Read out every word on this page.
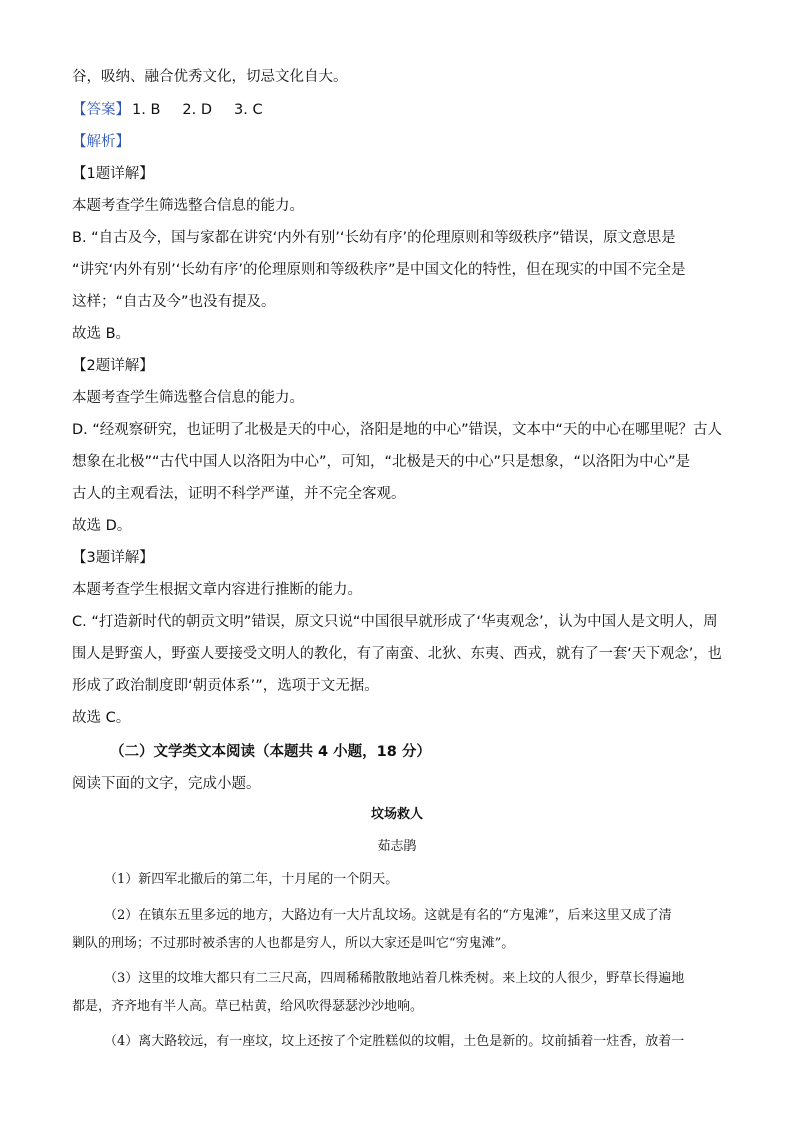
谷，吸纳、融合优秀文化，切忌文化自大。
【答案】 1. B 2. D 3. C
【解析】
【1题详解】
本题考查学生筛选整合信息的能力。
B. “自古及今，国与家都在讲究‘内外有别’‘长幼有序’的伦理原则和等级秩序”错误，原文意思是
“讲究‘内外有别’‘长幼有序’的伦理原则和等级秩序”是中国文化的特性，但在现实的中国不完全是
这样；“自古及今”也没有提及。
故选 B。
【2题详解】
本题考查学生筛选整合信息的能力。
D. “经观察研究，也证明了北极是天的中心，洛阳是地的中心”错误，文本中“天的中心在哪里呢？古人
想象在北极”“古代中国人以洛阳为中心”，可知，“北极是天的中心”只是想象，“以洛阳为中心”是
古人的主观看法，证明不科学严谨，并不完全客观。
故选 D。
【3题详解】
本题考查学生根据文章内容进行推断的能力。
C. “打造新时代的朝贡文明”错误，原文只说“中国很早就形成了‘华夷观念’，认为中国人是文明人，周
围人是野蛮人，野蛮人要接受文明人的教化，有了南蛮、北狄、东夷、西戎，就有了一套‘天下观念’，也
形成了政治制度即‘朝贡体系’”，选项于文无据。
故选 C。
（二）文学类文本阅读（本题共 4 小题，18 分）
阅读下面的文字，完成小题。
坟场救人
茹志鹃
（1）新四军北撤后的第二年，十月尾的一个阴天。
（2）在镇东五里多远的地方，大路边有一大片乱坟场。这就是有名的“方鬼滩”，后来这里又成了清
剿队的刑场；不过那时被杀害的人也都是穷人，所以大家还是叫它“穷鬼滩”。
（3）这里的坟堆大都只有二三尺高，四周稀稀散散地站着几株秃树。来上坟的人很少，野草长得遍地
都是，齐齐地有半人高。草已枯黄，给风吹得瑟瑟沙沙地响。
（4）离大路较远，有一座坟，坟上还按了个定胜糕似的坟帽，土色是新的。坟前插着一炷香，放着一
